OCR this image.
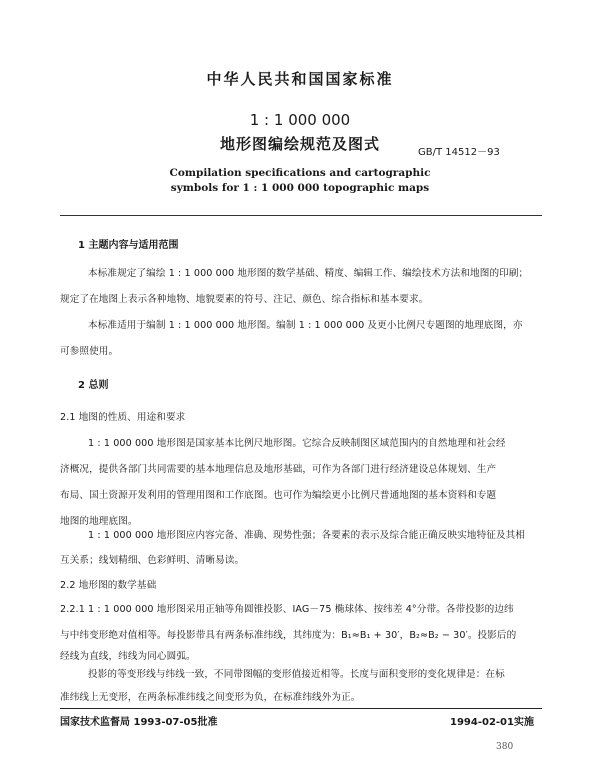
中华人民共和国国家标准
1 : 1 000 000
地形图编绘规范及图式	GB/T 14512－93
Compilation specifications and cartographic
symbols for 1 : 1 000 000 topographic maps
1 主题内容与适用范围
本标准规定了编绘 1 : 1 000 000 地形图的数学基础、精度、编辑工作、编绘技术方法和地图的印刷；
规定了在地图上表示各种地物、地貌要素的符号、注记、颜色、综合指标和基本要求。
本标准适用于编制 1 : 1 000 000 地形图。编制 1 : 1 000 000 及更小比例尺专题图的地理底图，亦
可参照使用。
2 总则
2.1 地图的性质、用途和要求
1 : 1 000 000 地形图是国家基本比例尺地形图。它综合反映制图区域范围内的自然地理和社会经
济概况，提供各部门共同需要的基本地理信息及地形基础，可作为各部门进行经济建设总体规划、生产
布局、国土资源开发利用的管理用图和工作底图。也可作为编绘更小比例尺普通地图的基本资料和专题
地图的地理底图。
1 : 1 000 000 地形图应内容完备、准确、现势性强；各要素的表示及综合能正确反映实地特征及其相
互关系；线划精细、色彩鲜明、清晰易读。
2.2 地形图的数学基础
2.2.1 1 : 1 000 000 地形图采用正轴等角圆锥投影、IAG－75 椭球体、按纬差 4°分带。各带投影的边纬
与中纬变形绝对值相等。每投影带具有两条标准纬线，其纬度为：B₁≈B₁ + 30′，B₂≈B₂ − 30′。投影后的
经线为直线，纬线为同心圆弧。
投影的等变形线与纬线一致，不同带图幅的变形值接近相等。长度与面积变形的变化规律是：在标
准纬线上无变形，在两条标准纬线之间变形为负，在标准纬线外为正。
国家技术监督局 1993-07-05批准	1994-02-01实施
380
